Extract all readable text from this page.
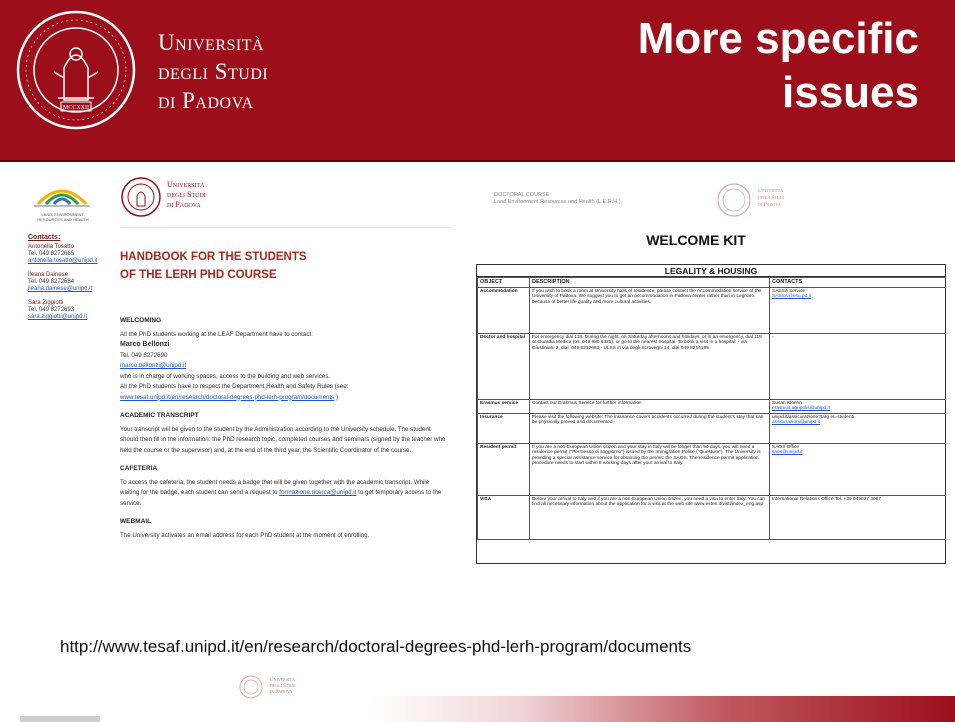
MCCXXII
Università
degli Studi
di Padova
More specific
issues
LAND, ENVIRONMENT, RESOURCES AND HEALTH
Università
degli Studi
di Padova
Contacts:
Antonella Tosatto
Tel. 049 8272665
antonella.tosatto@unipd.it
Ileana Dainese
Tel. 049 8272684
ileana.dainese@unipd.it
Sara Ziggiotti
Tel. 049 8272693
sara.ziggiotti@unipd.it
HANDBOOK FOR THE STUDENTS
OF THE LERH PHD COURSE
WELCOMING
All the PhD students working at the LEAF Department have to contact:
Marco Bellonzi
Tel. 049 8272690
marco.bellonzi@unipd.it
who is in charge of working spaces, access to the building and web services.
All the PhD students have to respect the Department Health and Safety Rules (see:
www.tesaf.unipd.it/en/research/doctoral-degrees-phd-lerh-program/documents )
ACADEMIC TRANSCRIPT
Your transcript will be given to the student by the Administration according to the University schedule. The student should then fill in the information: the PhD research topic, completed courses and seminars (signed by the teacher who held the course or the supervisor) and, at the end of the third year, the Scientific Coordinator of the course.
CAFETERIA
To access the cafeteria, the student needs a badge that will be given together with the academic transcript. While waiting for the badge, each student can send a request to formazione.ricerca@unipd.it to get temporary access to the service.
WEBMAIL
The University activates an email address for each PhD student at the moment of enrolling.
DOCTORAL COURSE
Land Environment Resources and Health (L.E.R.H.)
Università
degli Studi
di Padova
WELCOME KIT
LEGALITY & HOUSING
OBJECT	DESCRIPTION	CONTACTS
Accommodation	If you wish to book a room at University halls of residence, please contact the Accommodation service of the University of Padova. We suggest you to get an accommodation in Padova center rather than in Legnaro, because of better life quality and more cultural activities.	SASSA Service
SASSA@esu.pd.it

Doctor and hospital	For emergency dial 118. During the night, on Saturday afternoons and holidays, or in an emergency, dial 118 or Guardia Medica (tel. 049 880 8325), or go to the nearest hospital. To book a visit in a hospital: - via Giustiniani 2, dial. 049 8212683 - ULSS in via degli Scrovegni 14, dial 049 8214195	-

Erasmus service	Contact our Erasmus Service for further information	Susan Kloehn
erasmus.agripolis@unipd.it

Insurance	Please visit the following website: The insurance covers accidents occurred during the student's stay that can be physically proved and documented	unipd.it/assicurazione?targ et=studenti
assicurazioni@unipd.it

Resident permit	If you are a non-European Union citizen and your stay in Italy will be longer than 90 days, you will need a residence permit ("Permesso di soggiorno") issued by the Immigration Police ("Questura"). The University is providing a special assistance service for obtaining the permit: the SAOS. The residence permit application procedure needs to start within 8 working days after your arrival to Italy.	SAOS Office
saos@unipd.it

VISA	Before your arrival to Italy and if you are a non-European Union citizen, you need a visa to enter Italy. You can find all necessary information about the application for a visa at the web site www.esteri.it/visti/index_eng.asp	International Relations Office Tel. +39 049827 3067
http://www.tesaf.unipd.it/en/research/doctoral-degrees-phd-lerh-program/documents
Università
degli Studi
di Padova
